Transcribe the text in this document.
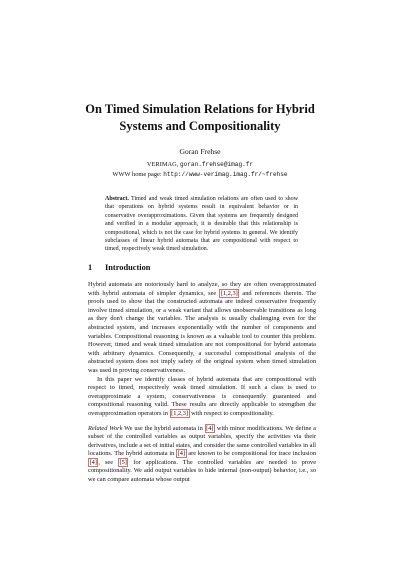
On Timed Simulation Relations for Hybrid
Systems and Compositionality
Goran Frehse
VERIMAG, goran.frehse@imag.fr
WWW home page: http://www-verimag.imag.fr/~frehse
Abstract. Timed and weak timed simulation relations are often used to show that operations on hybrid systems result in equivalent behavior or in conservative overapproximations. Given that systems are frequently designed and verified in a modular approach, it is desirable that this relationship is compositional, which is not the case for hybrid systems in general. We identify subclasses of linear hybrid automata that are compositional with respect to timed, respectively weak timed simulation.
1 Introduction

Hybrid automata are notoriously hard to analyze, so they are often overapproximated with hybrid automata of simpler dynamics, see [1,2,3] and references therein. The proofs used to show that the constructed automata are indeed conservative frequently involve timed simulation, or a weak variant that allows unobservable transitions as long as they don't change the variables. The analysis is usually challenging even for the abstracted system, and increases exponentially with the number of components and variables. Compositional reasoning is known as a valuable tool to counter this problem. However, timed and weak timed simulation are not compositional for hybrid automata with arbitrary dynamics. Consequently, a successful compositional analysis of the abstracted system does not imply safety of the original system when timed simulation was used in proving conservativeness.

In this paper we identify classes of hybrid automata that are compositional with respect to timed, respectively weak timed simulation. If such a class is used to overapproximate a system, conservativeness is consequently guaranteed and compositional reasoning valid. These results are directly applicable to strengthen the overapproximation operators in [1,2,3] with respect to compositionality.

Related Work We use the hybrid automata in [4] with minor modifications. We define a subset of the controlled variables as output variables, specify the activities via their derivatives, include a set of initial states, and consider the same controlled variables in all locations. The hybrid automata in [4] are known to be compositional for trace inclusion [4] , see [5] for applications. The controlled variables are needed to prove compositionality. We add output variables to hide internal (non-output) behavior, i.e., so we can compare automata whose output
